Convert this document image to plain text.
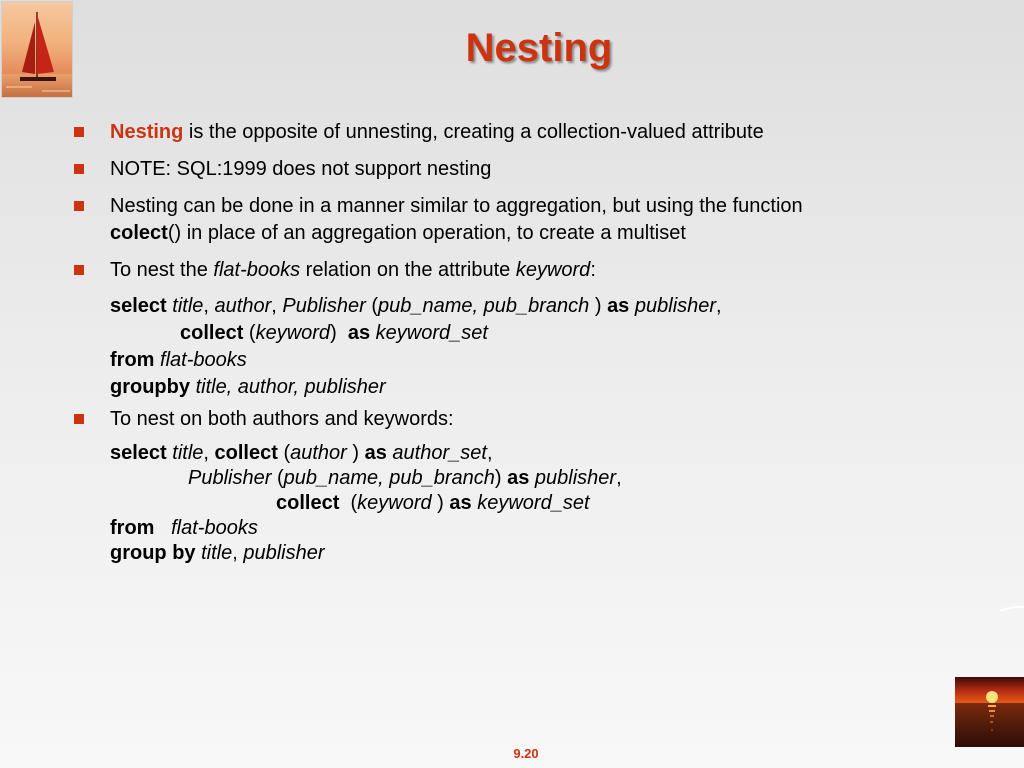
Nesting
Nesting is the opposite of unnesting, creating a collection-valued attribute
NOTE: SQL:1999 does not support nesting
Nesting can be done in a manner similar to aggregation, but using the function
colect() in place of an aggregation operation, to create a multiset
To nest the flat-books relation on the attribute keyword:
select title, author, Publisher (pub_name, pub_branch ) as publisher,
collect (keyword)  as keyword_set
from flat-books
groupby title, author, publisher
To nest on both authors and keywords:
select title, collect (author ) as author_set,
Publisher (pub_name, pub_branch) as publisher,
collect  (keyword ) as keyword_set
from flat-books
group by title, publisher
9.20
